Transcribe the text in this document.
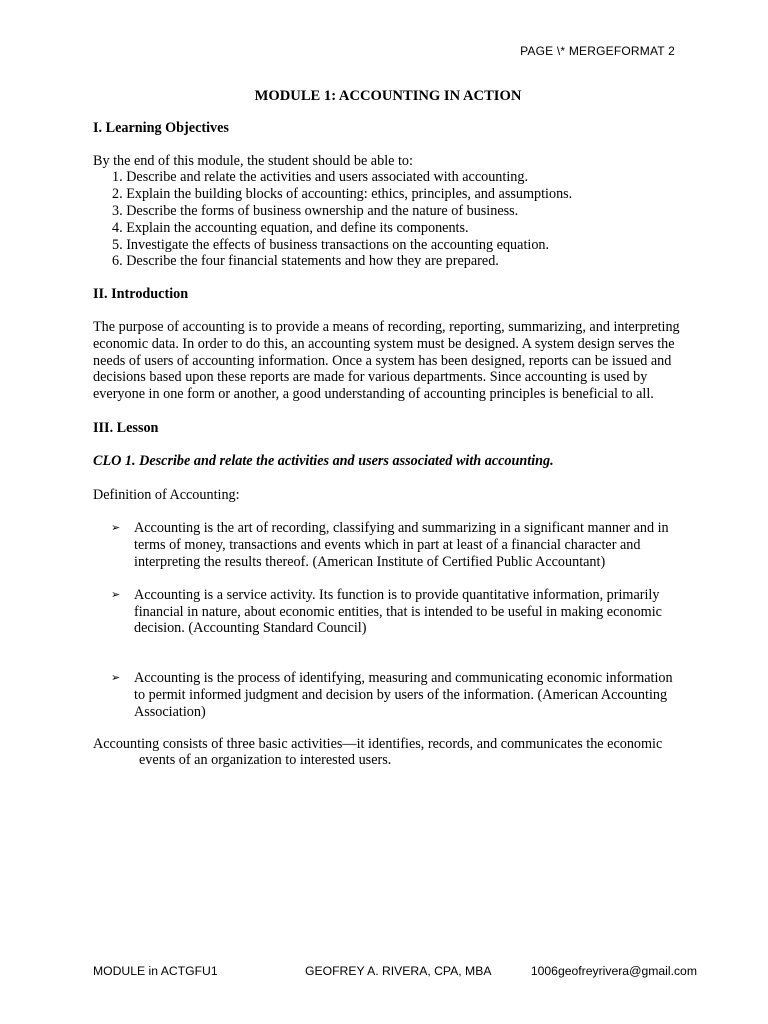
PAGE \* MERGEFORMAT 2

MODULE 1: ACCOUNTING IN ACTION

I. Learning Objectives

By the end of this module, the student should be able to:

1. Describe and relate the activities and users associated with accounting.
2. Explain the building blocks of accounting: ethics, principles, and assumptions.
3. Describe the forms of business ownership and the nature of business.
4. Explain the accounting equation, and define its components.
5. Investigate the effects of business transactions on the accounting equation.
6. Describe the four financial statements and how they are prepared.

II. Introduction

The purpose of accounting is to provide a means of recording, reporting, summarizing, and interpreting economic data. In order to do this, an accounting system must be designed. A system design serves the needs of users of accounting information. Once a system has been designed, reports can be issued and decisions based upon these reports are made for various departments. Since accounting is used by everyone in one form or another, a good understanding of accounting principles is beneficial to all.

III. Lesson

CLO 1. Describe and relate the activities and users associated with accounting.

Definition of Accounting:

➢ Accounting is the art of recording, classifying and summarizing in a significant manner and in terms of money, transactions and events which in part at least of a financial character and interpreting the results thereof. (American Institute of Certified Public Accountant)
➢ Accounting is a service activity. Its function is to provide quantitative information, primarily financial in nature, about economic entities, that is intended to be useful in making economic decision. (Accounting Standard Council)
➢ Accounting is the process of identifying, measuring and communicating economic information to permit informed judgment and decision by users of the information. (American Accounting Association)

Accounting consists of three basic activities—it identifies, records, and communicates the economic events of an organization to interested users.

MODULE in ACTGFU1	GEOFREY A. RIVERA, CPA, MBA	1006geofreyrivera@gmail.com
